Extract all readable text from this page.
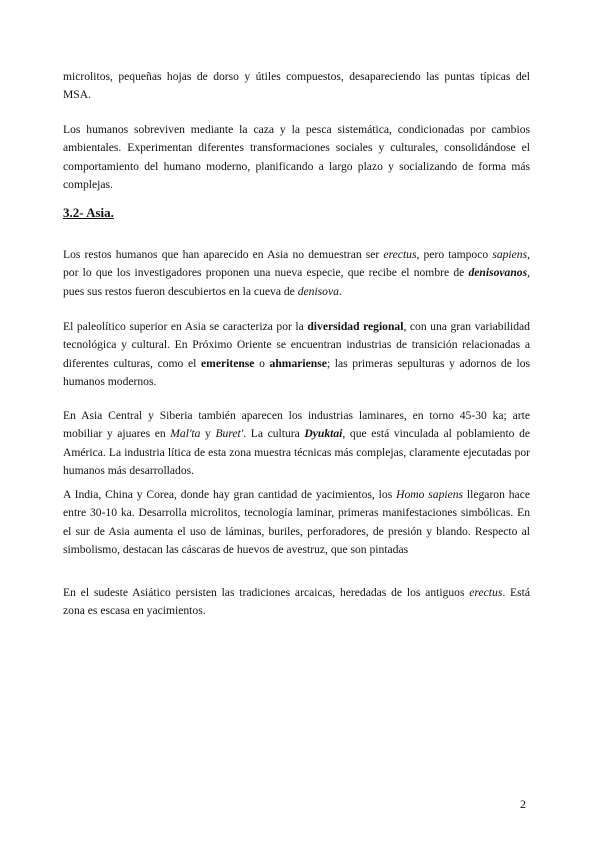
microlitos, pequeñas hojas de dorso y útiles compuestos, desapareciendo las puntas típicas del MSA.

Los humanos sobreviven mediante la caza y la pesca sistemática, condicionadas por cambios ambientales. Experimentan diferentes transformaciones sociales y culturales, consolidándose el comportamiento del humano moderno, planificando a largo plazo y socializando de forma más complejas.

3.2- Asia.

Los restos humanos que han aparecido en Asia no demuestran ser erectus, pero tampoco sapiens, por lo que los investigadores proponen una nueva especie, que recibe el nombre de denisovanos, pues sus restos fueron descubiertos en la cueva de denisova.

El paleolítico superior en Asia se caracteriza por la diversidad regional, con una gran variabilidad tecnológica y cultural. En Próximo Oriente se encuentran industrias de transición relacionadas a diferentes culturas, como el emeritense o ahmariense; las primeras sepulturas y adornos de los humanos modernos.

En Asia Central y Siberia también aparecen los industrias laminares, en torno 45-30 ka; arte mobiliar y ajuares en Mal'ta y Buret'. La cultura Dyuktai, que está vinculada al poblamiento de América. La industria lítica de esta zona muestra técnicas más complejas, claramente ejecutadas por humanos más desarrollados.

A India, China y Corea, donde hay gran cantidad de yacimientos, los Homo sapiens llegaron hace entre 30-10 ka. Desarrolla microlitos, tecnología laminar, primeras manifestaciones simbólicas. En el sur de Asia aumenta el uso de láminas, buriles, perforadores, de presión y blando. Respecto al simbolismo, destacan las cáscaras de huevos de avestruz, que son pintadas

En el sudeste Asiático persisten las tradiciones arcaicas, heredadas de los antiguos erectus. Está zona es escasa en yacimientos.

2
